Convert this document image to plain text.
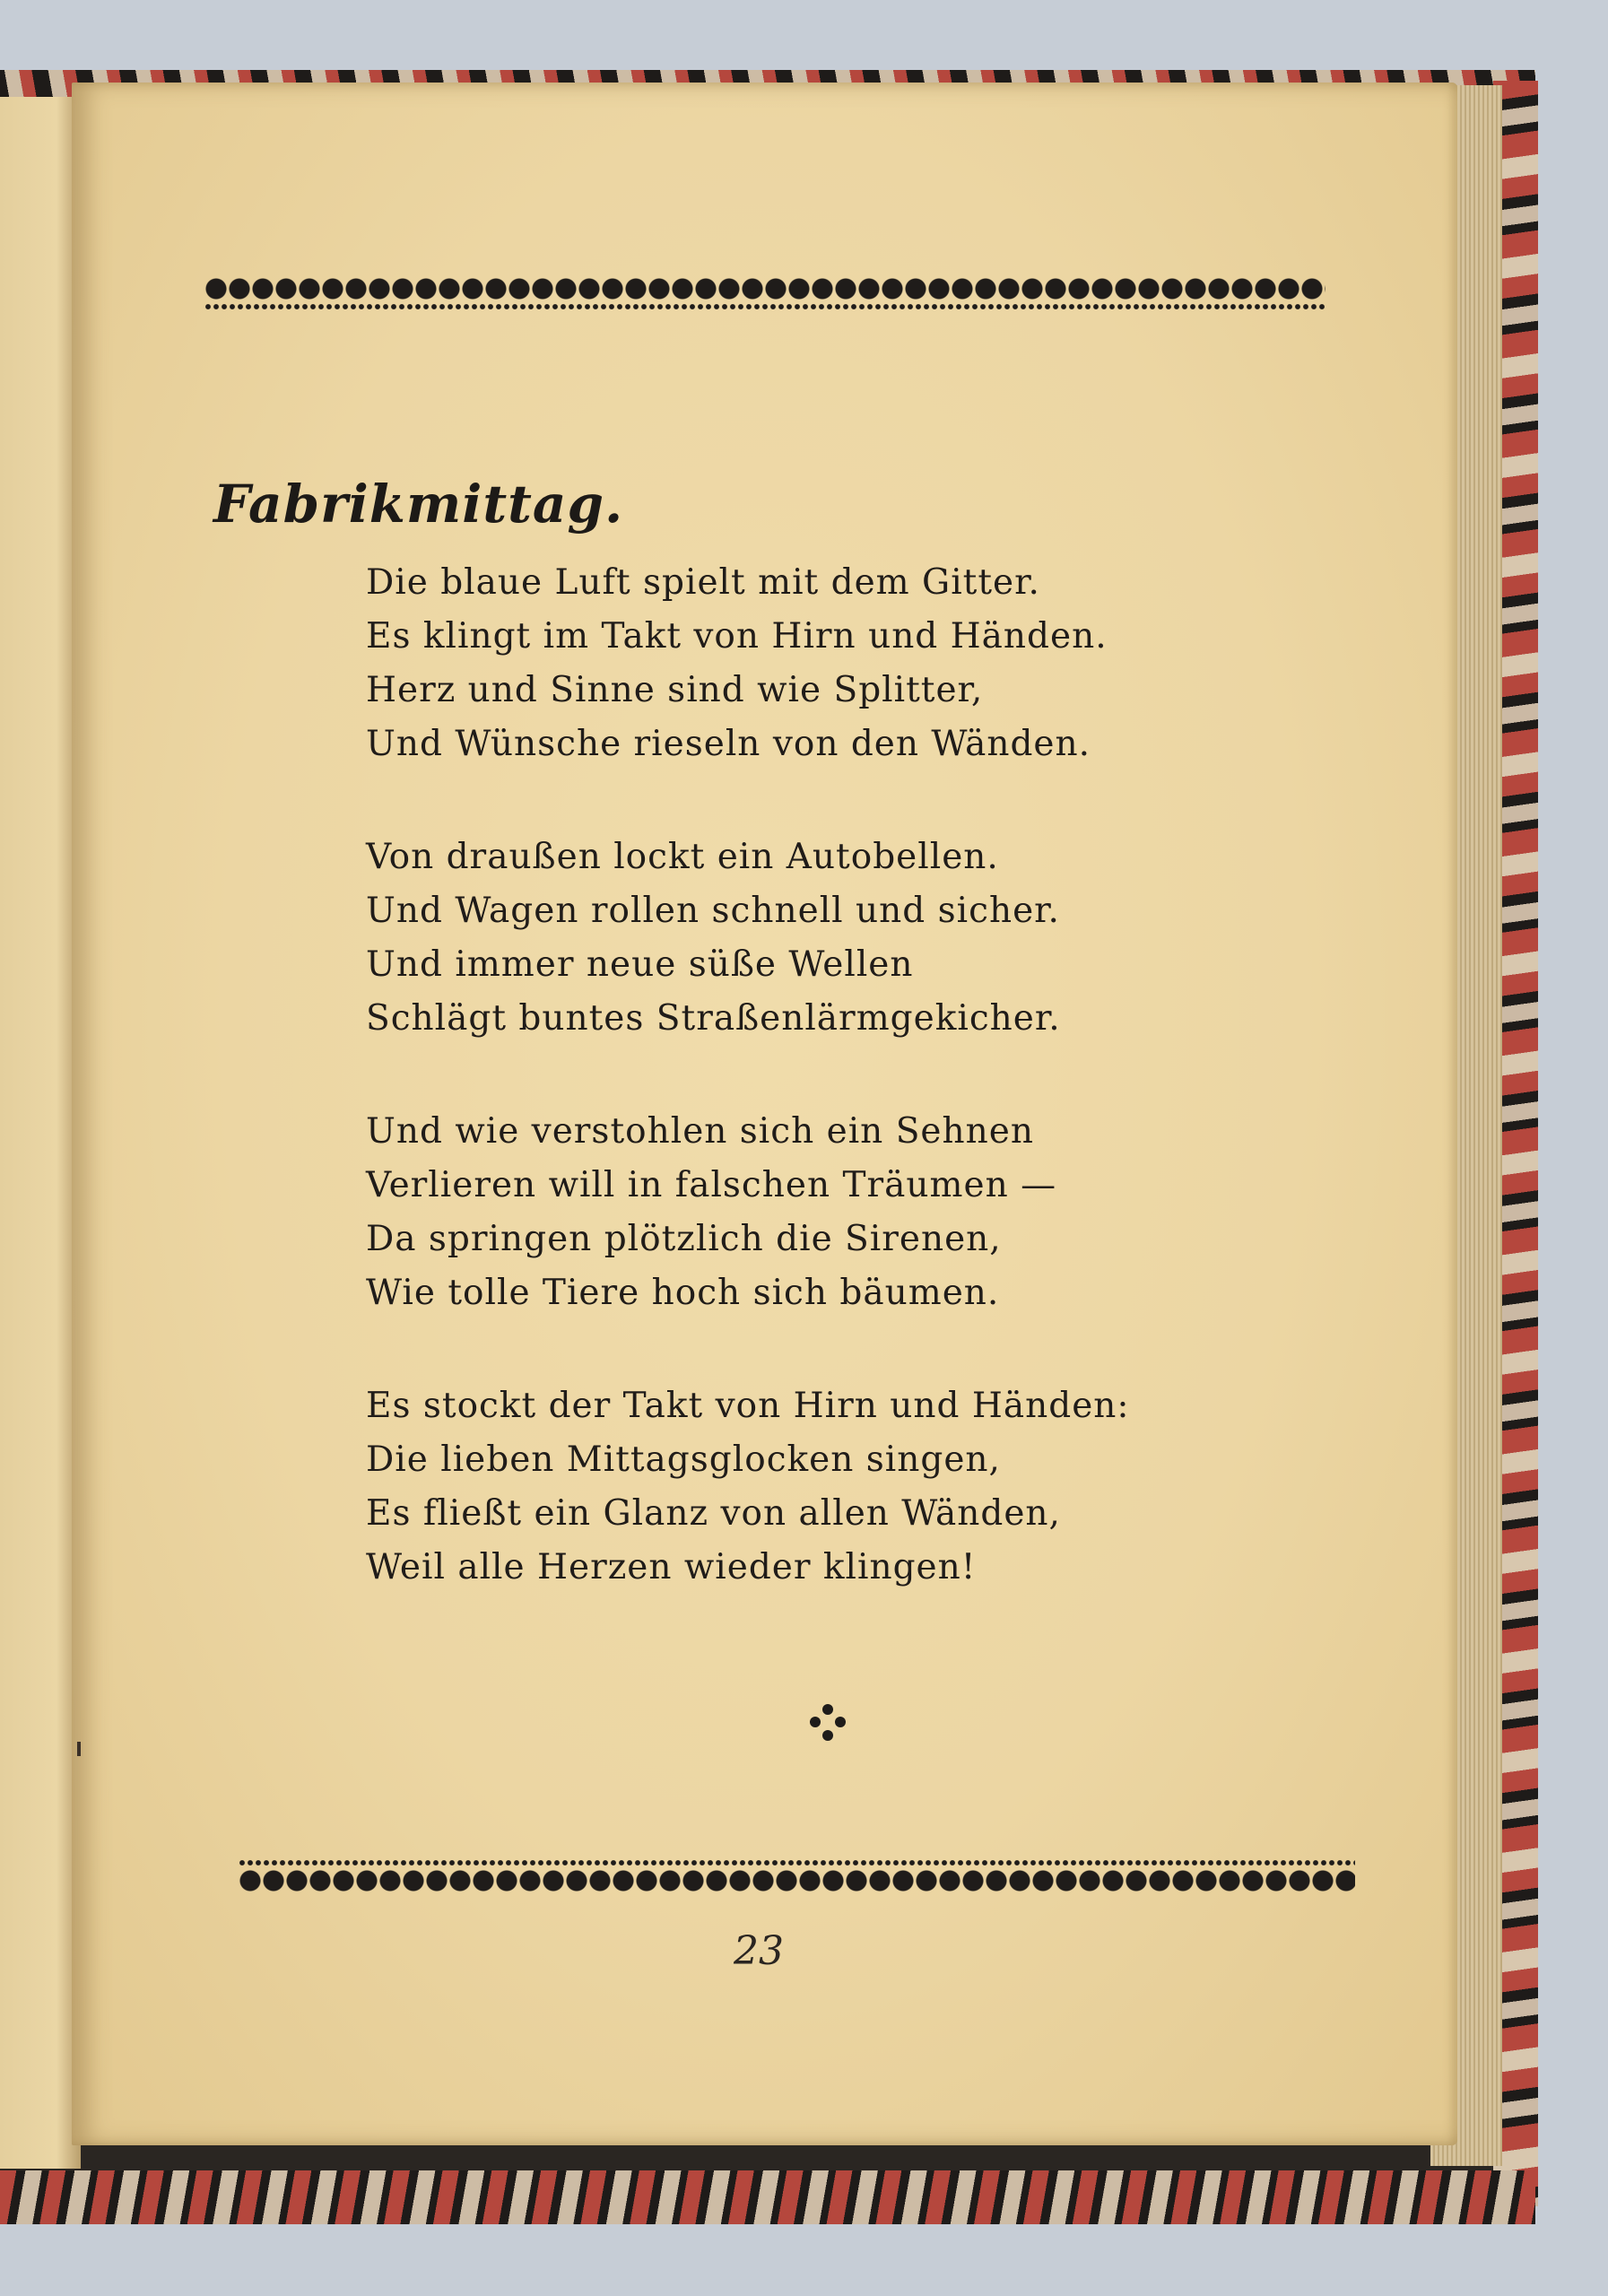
Fabrikmittag.
Die blaue Luft spielt mit dem Gitter.
Es klingt im Takt von Hirn und Händen.
Herz und Sinne sind wie Splitter,
Und Wünsche rieseln von den Wänden.
Von draußen lockt ein Autobellen.
Und Wagen rollen schnell und sicher.
Und immer neue süße Wellen
Schlägt buntes Straßenlärmgekicher.
Und wie verstohlen sich ein Sehnen
Verlieren will in falschen Träumen —
Da springen plötzlich die Sirenen,
Wie tolle Tiere hoch sich bäumen.
Es stockt der Takt von Hirn und Händen:
Die lieben Mittagsglocken singen,
Es fließt ein Glanz von allen Wänden,
Weil alle Herzen wieder klingen!
23
